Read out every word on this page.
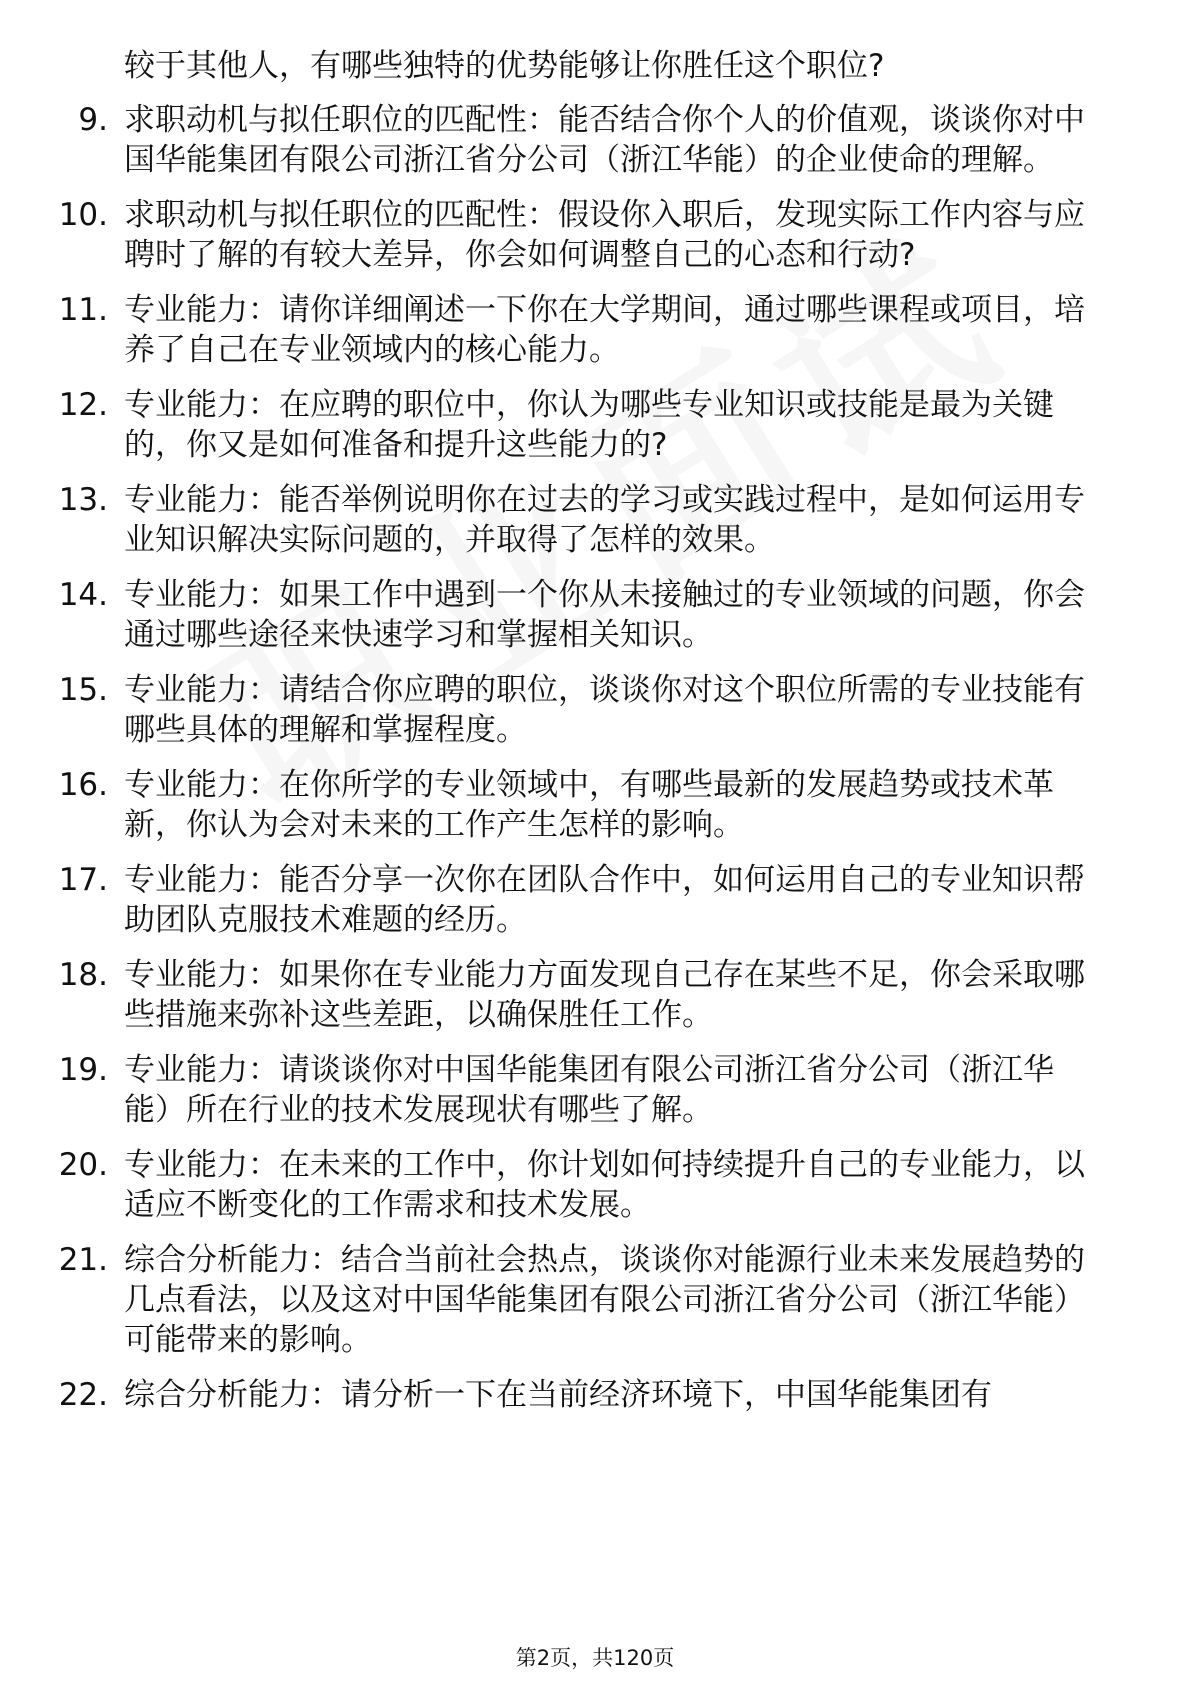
较于其他人，有哪些独特的优势能够让你胜任这个职位?

9. 求职动机与拟任职位的匹配性：能否结合你个人的价值观，谈谈你对中国华能集团有限公司浙江省分公司（浙江华能）的企业使命的理解。
10. 求职动机与拟任职位的匹配性：假设你入职后，发现实际工作内容与应聘时了解的有较大差异，你会如何调整自己的心态和行动?
11. 专业能力：请你详细阐述一下你在大学期间，通过哪些课程或项目，培养了自己在专业领域内的核心能力。
12. 专业能力：在应聘的职位中，你认为哪些专业知识或技能是最为关键的，你又是如何准备和提升这些能力的?
13. 专业能力：能否举例说明你在过去的学习或实践过程中，是如何运用专业知识解决实际问题的，并取得了怎样的效果。
14. 专业能力：如果工作中遇到一个你从未接触过的专业领域的问题，你会通过哪些途径来快速学习和掌握相关知识。
15. 专业能力：请结合你应聘的职位，谈谈你对这个职位所需的专业技能有哪些具体的理解和掌握程度。
16. 专业能力：在你所学的专业领域中，有哪些最新的发展趋势或技术革新，你认为会对未来的工作产生怎样的影响。
17. 专业能力：能否分享一次你在团队合作中，如何运用自己的专业知识帮助团队克服技术难题的经历。
18. 专业能力：如果你在专业能力方面发现自己存在某些不足，你会采取哪些措施来弥补这些差距，以确保胜任工作。
19. 专业能力：请谈谈你对中国华能集团有限公司浙江省分公司（浙江华能）所在行业的技术发展现状有哪些了解。
20. 专业能力：在未来的工作中，你计划如何持续提升自己的专业能力，以适应不断变化的工作需求和技术发展。
21. 综合分析能力：结合当前社会热点，谈谈你对能源行业未来发展趋势的几点看法，以及这对中国华能集团有限公司浙江省分公司（浙江华能）可能带来的影响。
22. 综合分析能力：请分析一下在当前经济环境下，中国华能集团有
第2页，共120页
